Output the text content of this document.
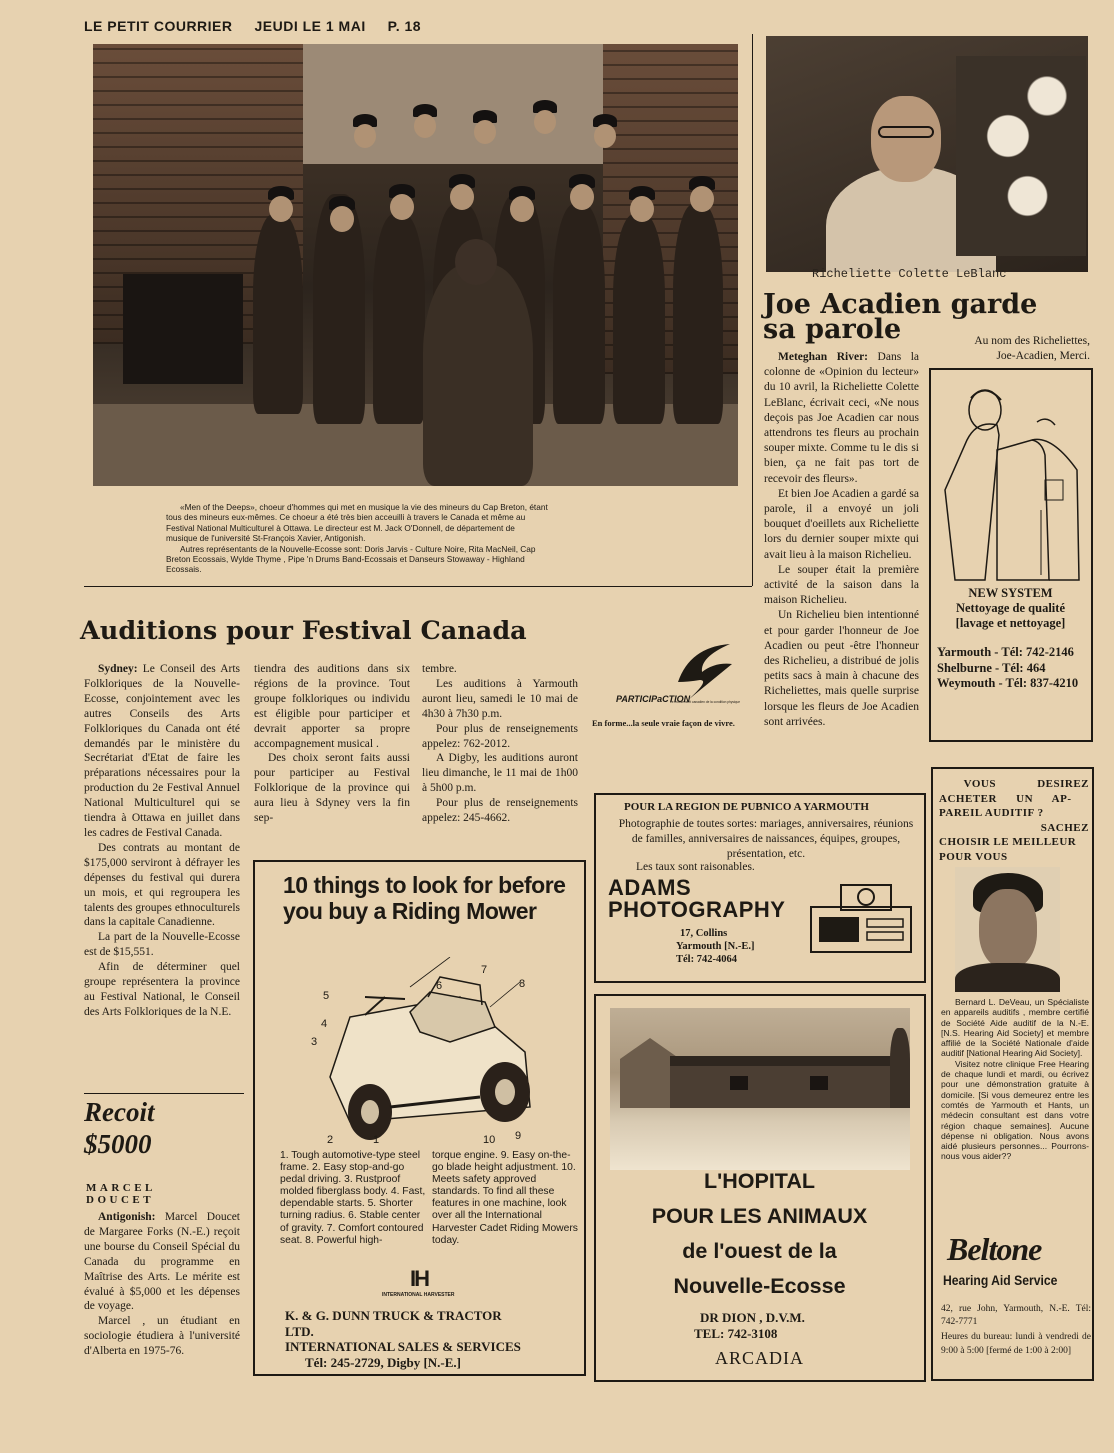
LE PETIT COURRIER JEUDI LE 1 MAI P. 18
«Men of the Deeps», choeur d'hommes qui met en musique la vie des mineurs du Cap Breton, étant
tous des mineurs eux-mêmes. Ce choeur a été très bien acceuilli à travers le Canada et même au
Festival National Multiculturel à Ottawa. Le directeur est M. Jack O'Donnell, de département de
musique de l'université St-François Xavier, Antigonish.
Autres représentants de la Nouvelle-Ecosse sont: Doris Jarvis - Culture Noire, Rita MacNeil, Cap
Breton Ecossais, Wylde Thyme , Pipe 'n Drums Band-Ecossais et Danseurs Stowaway - Highland
Ecossais.
Richeliette Colette LeBlanc
Joe Acadien garde
sa parole	Au nom des Richeliettes,
Joe-Acadien, Merci.

Meteghan River: Dans la colonne de «Opinion du lecteur» du 10 avril, la Richeliette Colette LeBlanc, écrivait ceci, «Ne nous deçois pas Joe Acadien car nous attendrons tes fleurs au prochain souper mixte. Comme tu le dis si bien, ça ne fait pas tort de recevoir des fleurs».

Et bien Joe Acadien a gardé sa parole, il a envoyé un joli bouquet d'oeillets aux Richeliette lors du dernier souper mixte qui avait lieu à la maison Richelieu.

Le souper était la première activité de la saison dans la maison Richelieu.

Un Richelieu bien intentionné et pour garder l'honneur de Joe Acadien ou peut -être l'honneur des Richelieu, a distribué de jolis petits sacs à main à chacune des Richeliettes, mais quelle surprise lorsque les fleurs de Joe Acadien sont arrivées.

NEW SYSTEM
Nettoyage de qualité
[lavage et nettoyage]
Yarmouth - Tél: 742-2146
Shelburne - Tél: 464
Weymouth - Tél: 837-4210
Auditions pour Festival Canada

Sydney: Le Conseil des Arts Folkloriques de la Nouvelle-Ecosse, conjointement avec les autres Conseils des Arts Folkloriques du Canada ont été demandés par le ministère du Secrétariat d'Etat de faire les préparations nécessaires pour la production du 2e Festival Annuel National Multiculturel qui se tiendra à Ottawa en juillet dans les cadres de Festival Canada.

Des contrats au montant de $175,000 serviront à défrayer les dépenses du festival qui durera un mois, et qui regroupera les talents des groupes ethnoculturels dans la capitale Canadienne.

La part de la Nouvelle-Ecosse est de $15,551.

Afin de déterminer quel groupe représentera la province au Festival National, le Conseil des Arts Folkloriques de la N.E.

tiendra des auditions dans six régions de la province. Tout groupe folkloriques ou individu est éligible pour participer et devrait apporter sa propre accompagnement musical .

Des choix seront faits aussi pour participer au Festival Folklorique de la province qui aura lieu à Sdyney vers la fin sep-

tembre.

Les auditions à Yarmouth auront lieu, samedi le 10 mai de 4h30 à 7h30 p.m.

Pour plus de renseignements appelez: 762-2012.

A Digby, les auditions auront lieu dimanche, le 11 mai de 1h00 à 5h00 p.m.

Pour plus de renseignements appelez: 245-4662.

PARTICIPaCTION
Le mouvement canadien de la condition physique
En forme...la seule vraie façon de vivre.
Recoit
$5000
MARCEL DOUCET

Antigonish: Marcel Doucet de Margaree Forks (N.-E.) reçoit une bourse du Conseil Spécial du Canada du programme en Maîtrise des Arts. Le mérite est évalué à $5,000 et les dépenses de voyage.

Marcel , un étudiant en sociologie étudiera à l'université d'Alberta en 1975-76.

10 things to look for before you buy a Riding Mower
1
2
3
4
5
6
7
8
9
10
1. Tough automotive-type steel frame. 2. Easy stop-and-go pedal driving. 3. Rustproof molded fiberglass body. 4. Fast, dependable starts. 5. Shorter turning radius. 6. Stable center of gravity. 7. Comfort contoured seat. 8. Powerful high-
torque engine. 9. Easy on-the-go blade height adjustment. 10. Meets safety approved standards. To find all these features in one machine, look over all the International Harvester Cadet Riding Mowers today.
IH
INTERNATIONAL HARVESTER
K. & G. DUNN TRUCK & TRACTOR
LTD.
INTERNATIONAL SALES & SERVICES
Tél: 245-2729, Digby [N.-E.]
POUR LA REGION DE PUBNICO A YARMOUTH
Photographie de toutes sortes: mariages, anniversaires, réunions de familles, anniversaires de naissances, équipes, groupes, présentation, etc.
Les taux sont raisonables.
ADAMS
PHOTOGRAPHY
17, Collins
Yarmouth [N.-E.]
Tél: 742-4064
L'HOPITAL
POUR LES ANIMAUX
de l'ouest de la
Nouvelle-Ecosse
DR DION , D.V.M.
TEL: 742-3108
ARCADIA
VOUS DESIREZ
ACHETER UN AP-
PAREIL AUDITIF ?
SACHEZ
CHOISIR LE MEILLEUR
POUR VOUS

Bernard L. DeVeau, un Spécialiste en appareils auditifs , membre certifié de Société Aide auditif de la N.-E. [N.S. Hearing Aid Society] et membre affilié de la Société Nationale d'aide auditif [National Hearing Aid Society].

Visitez notre clinique Free Hearing de chaque lundi et mardi, ou écrivez pour une démonstration gratuite à domicile. [Si vous demeurez entre les comtés de Yarmouth et Hants, un médecin consultant est dans votre région chaque semaines]. Aucune dépense ni obligation. Nous avons aidé plusieurs personnes... Pourrons-nous vous aider??

Beltone
Hearing Aid Service
42, rue John, Yarmouth, N.-E. Tél: 742-7771
Heures du bureau: lundi à vendredi de 9:00 à 5:00 [fermé de 1:00 à 2:00]
